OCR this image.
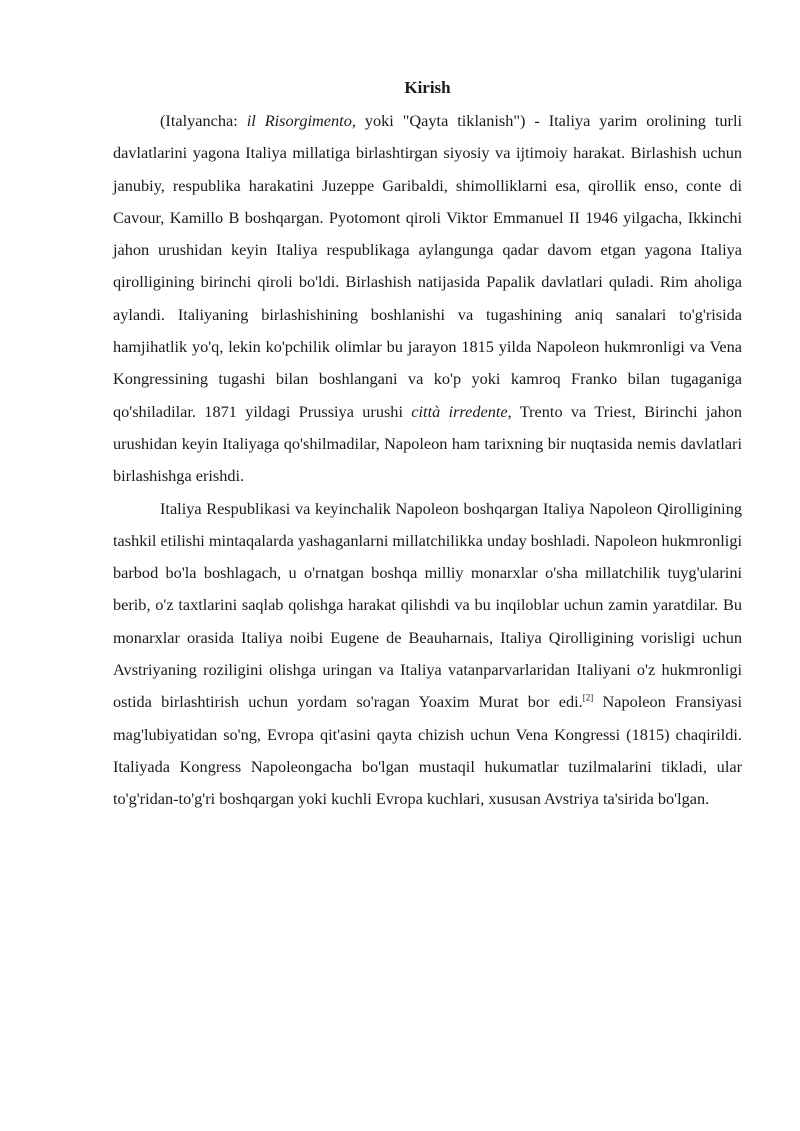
Kirish

(Italyancha: il Risorgimento, yoki "Qayta tiklanish") - Italiya yarim orolining turli davlatlarini yagona Italiya millatiga birlashtirgan siyosiy va ijtimoiy harakat. Birlashish uchun janubiy, respublika harakatini Juzeppe Garibaldi, shimolliklarni esa, qirollik enso, conte di Cavour, Kamillo B boshqargan. Pyotomont qiroli Viktor Emmanuel II 1946 yilgacha, Ikkinchi jahon urushidan keyin Italiya respublikaga aylangunga qadar davom etgan yagona Italiya qirolligining birinchi qiroli bo'ldi. Birlashish natijasida Papalik davlatlari quladi. Rim aholiga aylandi. Italiyaning birlashishining boshlanishi va tugashining aniq sanalari to'g'risida hamjihatlik yo'q, lekin ko'pchilik olimlar bu jarayon 1815 yilda Napoleon hukmronligi va Vena Kongressining tugashi bilan boshlangani va ko'p yoki kamroq Franko bilan tugaganiga qo'shiladilar. 1871 yildagi Prussiya urushi città irredente, Trento va Triest, Birinchi jahon urushidan keyin Italiyaga qo'shilmadilar, Napoleon ham tarixning bir nuqtasida nemis davlatlari birlashishga erishdi.

Italiya Respublikasi va keyinchalik Napoleon boshqargan Italiya Napoleon Qirolligining tashkil etilishi mintaqalarda yashaganlarni millatchilikka unday boshladi. Napoleon hukmronligi barbod bo'la boshlagach, u o'rnatgan boshqa milliy monarxlar o'sha millatchilik tuyg'ularini berib, o'z taxtlarini saqlab qolishga harakat qilishdi va bu inqiloblar uchun zamin yaratdilar. Bu monarxlar orasida Italiya noibi Eugene de Beauharnais, Italiya Qirolligining vorisligi uchun Avstriyaning roziligini olishga uringan va Italiya vatanparvarlaridan Italiyani o'z hukmronligi ostida birlashtirish uchun yordam so'ragan Yoaxim Murat bor edi.[2] Napoleon Fransiyasi mag'lubiyatidan so'ng, Evropa qit'asini qayta chizish uchun Vena Kongressi (1815) chaqirildi. Italiyada Kongress Napoleongacha bo'lgan mustaqil hukumatlar tuzilmalarini tikladi, ular to'g'ridan-to'g'ri boshqargan yoki kuchli Evropa kuchlari, xususan Avstriya ta'sirida bo'lgan.
